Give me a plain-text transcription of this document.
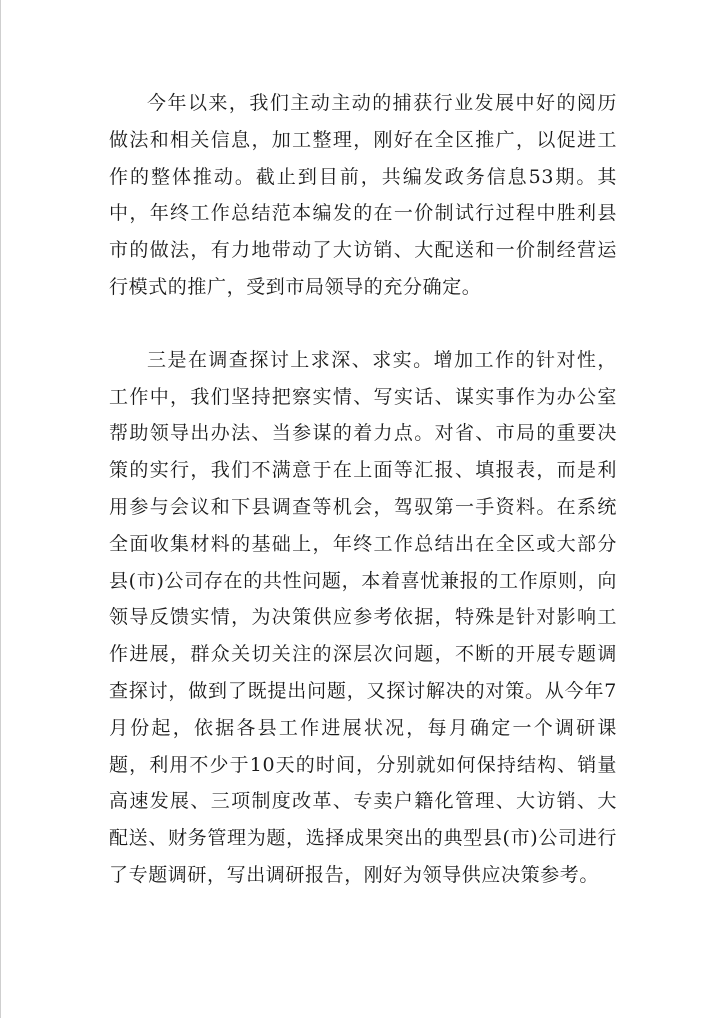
今年以来，我们主动主动的捕获行业发展中好的阅历做法和相关信息，加工整理，刚好在全区推广，以促进工作的整体推动。截止到目前，共编发政务信息53期。其中，年终工作总结范本编发的在一价制试行过程中胜利县市的做法，有力地带动了大访销、大配送和一价制经营运行模式的推广，受到市局领导的充分确定。

三是在调查探讨上求深、求实。增加工作的针对性，工作中，我们坚持把察实情、写实话、谋实事作为办公室帮助领导出办法、当参谋的着力点。对省、市局的重要决策的实行，我们不满意于在上面等汇报、填报表，而是利用参与会议和下县调查等机会，驾驭第一手资料。在系统全面收集材料的基础上，年终工作总结出在全区或大部分县(市)公司存在的共性问题，本着喜忧兼报的工作原则，向领导反馈实情，为决策供应参考依据，特殊是针对影响工作进展，群众关切关注的深层次问题，不断的开展专题调查探讨，做到了既提出问题，又探讨解决的对策。从今年7月份起，依据各县工作进展状况，每月确定一个调研课题，利用不少于10天的时间，分别就如何保持结构、销量高速发展、三项制度改革、专卖户籍化管理、大访销、大配送、财务管理为题，选择成果突出的典型县(市)公司进行了专题调研，写出调研报告，刚好为领导供应决策参考。
